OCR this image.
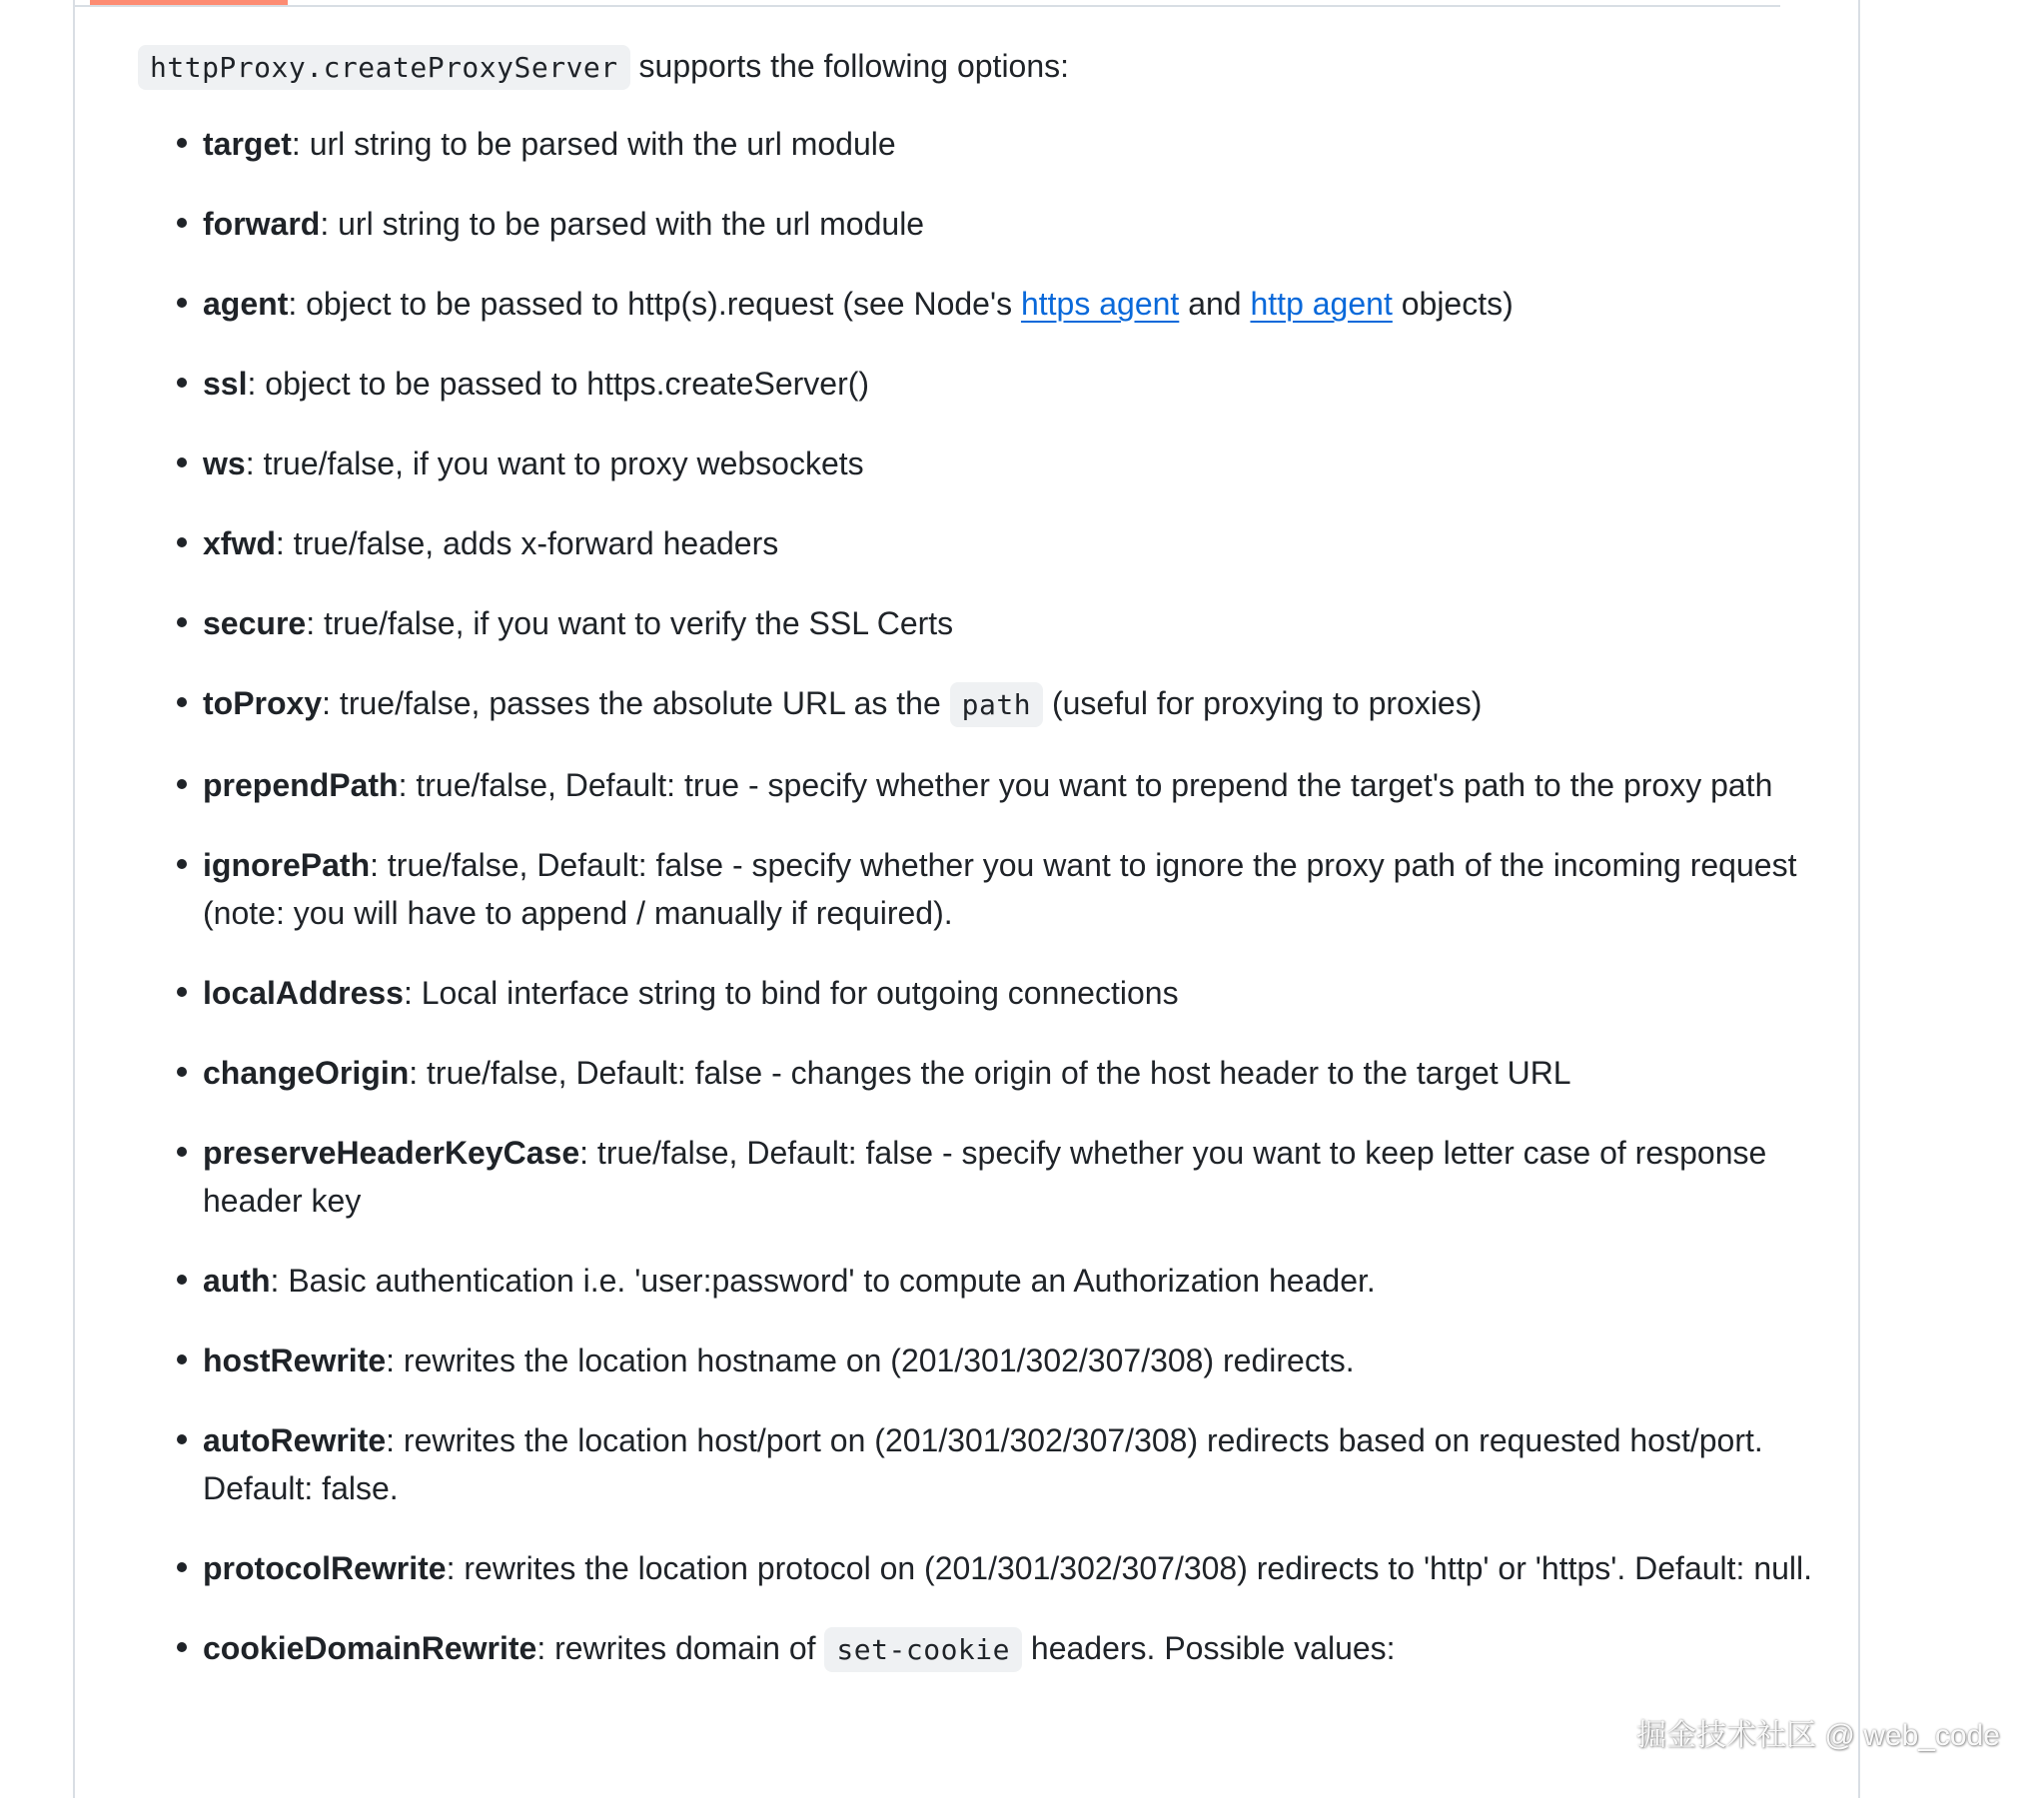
httpProxy.createProxyServer supports the following options:
target: url string to be parsed with the url module
forward: url string to be parsed with the url module
agent: object to be passed to http(s).request (see Node's https agent and http agent objects)
ssl: object to be passed to https.createServer()
ws: true/false, if you want to proxy websockets
xfwd: true/false, adds x-forward headers
secure: true/false, if you want to verify the SSL Certs
toProxy: true/false, passes the absolute URL as the path (useful for proxying to proxies)
prependPath: true/false, Default: true - specify whether you want to prepend the target's path to the proxy path
ignorePath: true/false, Default: false - specify whether you want to ignore the proxy path of the incoming request (note: you will have to append / manually if required).
localAddress: Local interface string to bind for outgoing connections
changeOrigin: true/false, Default: false - changes the origin of the host header to the target URL
preserveHeaderKeyCase: true/false, Default: false - specify whether you want to keep letter case of response header key
auth: Basic authentication i.e. 'user:password' to compute an Authorization header.
hostRewrite: rewrites the location hostname on (201/301/302/307/308) redirects.
autoRewrite: rewrites the location host/port on (201/301/302/307/308) redirects based on requested host/port. Default: false.
protocolRewrite: rewrites the location protocol on (201/301/302/307/308) redirects to 'http' or 'https'. Default: null.
cookieDomainRewrite: rewrites domain of set-cookie headers. Possible values:
掘金技术社区 @ web_code
